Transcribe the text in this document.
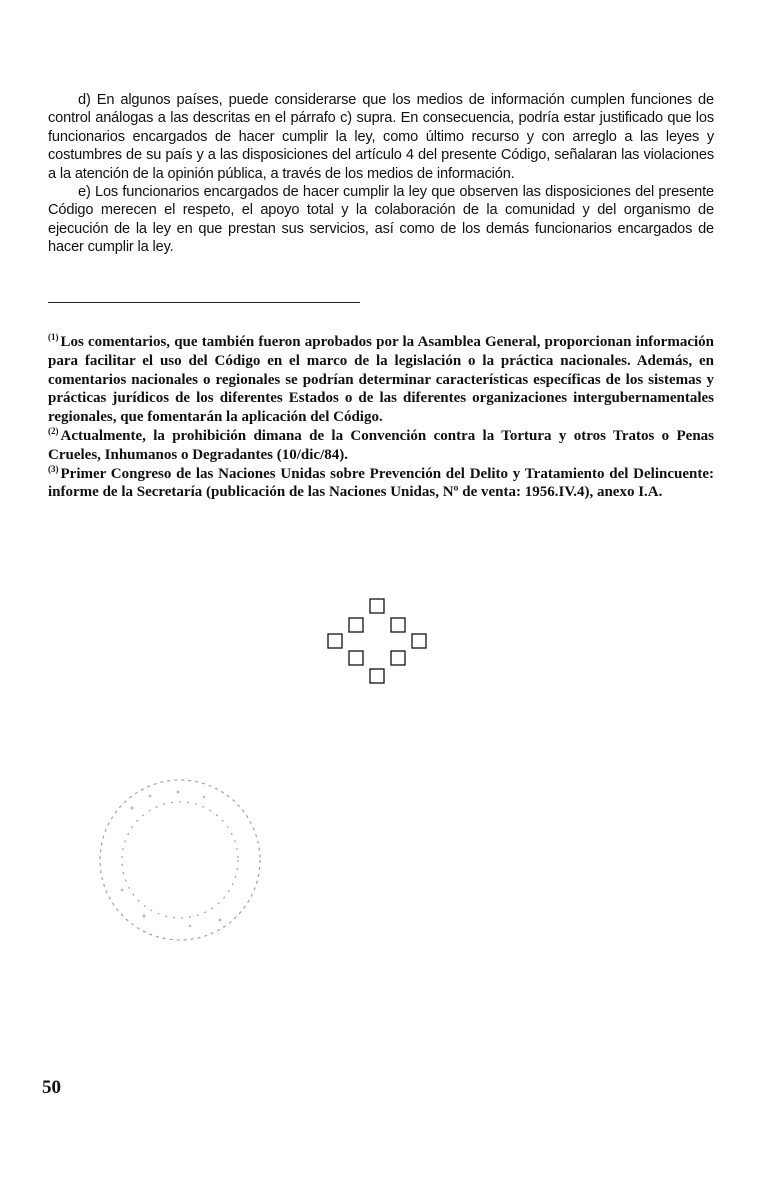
d) En algunos países, puede considerarse que los medios de información cumplen funciones de control análogas a las descritas en el párrafo c) supra. En consecuencia, podría estar justificado que los funcionarios encargados de hacer cumplir la ley, como último recurso y con arreglo a las leyes y costumbres de su país y a las disposiciones del artículo 4 del presente Código, señalaran las violaciones a la atención de la opinión pública, a través de los medios de información.

e) Los funcionarios encargados de hacer cumplir la ley que observen las disposiciones del presente Código merecen el respeto, el apoyo total y la colaboración de la comunidad y del organismo de ejecución de la ley en que prestan sus servicios, así como de los demás funcionarios encargados de hacer cumplir la ley.

$^{(1)}$ Los comentarios, que también fueron aprobados por la Asamblea General, proporcionan información para facilitar el uso del Código en el marco de la legislación o la práctica nacionales. Además, en comentarios nacionales o regionales se podrían determinar características específicas de los sistemas y prácticas jurídicos de los diferentes Estados o de las diferentes organizaciones intergubernamentales regionales, que fomentarán la aplicación del Código.

$^{(2)}$ Actualmente, la prohibición dimana de la Convención contra la Tortura y otros Tratos o Penas Crueles, Inhumanos o Degradantes (10/dic/84).

$^{(3)}$ Primer Congreso de las Naciones Unidas sobre Prevención del Delito y Tratamiento del Delincuente: informe de la Secretaría (publicación de las Naciones Unidas, Nº de venta: 1956.IV.4), anexo I.A.

50
